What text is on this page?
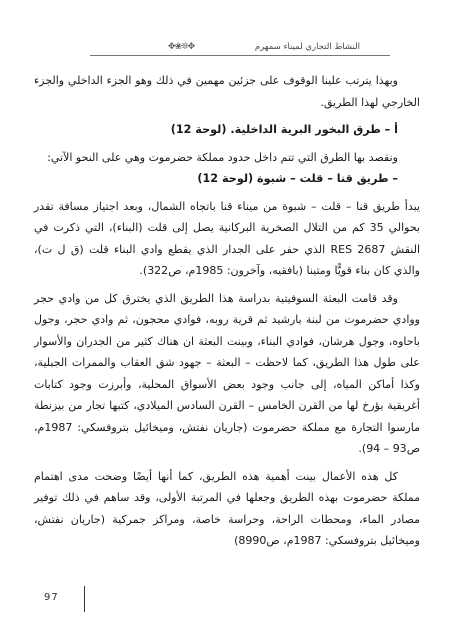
✥❊❀✥	النشاط التجاري لميناء سمهرم

وبهذا يترتب علينا الوقوف على جزئين مهمين في ذلك وهو الجزء الداخلي والجزء الخارجي لهذا الطريق.

أ – طرق البخور البرية الداخلية. (لوحة 12)

ونقصد بها الطرق التي تتم داخل حدود مملكة حضرموت وهي على النحو الآتي:

– طريق قنا – قلت – شبوة (لوحة 12)

يبدأ طريق قنا – قلت – شبوة من ميناء قنا باتجاه الشمال، وبعد اجتياز مسافة تقدر بحوالي 35 كم من التلال الصخرية البركانية يصل إلى قلت (البناء)، التي ذكرت في النقش RES 2687 الذي حفر على الجدار الذي يقطع وادي البناء قلت (ق ل ت)، والذي كان بناء قويًّا ومتينا (بافقيه، وآخرون: 1985م، ص322).

وقد قامت البعثة السوفيتية بدراسة هذا الطريق الذي يخترق كل من وادي حجر ووادي حضرموت من لبنة بارشيد ثم قرية روبه، فوادي محجون، ثم وادي حجر، وجول باحاوه، وجول هرشان، فوادي البناء، وبينت البعثة ان هناك كثير من الجدران والأسوار على طول هذا الطريق، كما لاحظت – البعثة – جهود شق العقاب والممرات الجبلية، وكذا أماكن المياه، إلى جانب وجود بعض الأسواق المحلية، وأبرزت وجود كتابات أغريقية يؤرخ لها من القرن الخامس – القرن السادس الميلادي، كتبها تجار من بيزنطة مارسوا التجارة مع مملكة حضرموت (جاريان نفتش، وميخائيل بتروفسكي: 1987م، ص93 – 94).

كل هذه الأعمال بينت أهمية هذه الطريق، كما أنها أيضًا وضحت مدى اهتمام مملكة حضرموت بهذه الطريق وجعلها في المرتبة الأولى، وقد ساهم في ذلك توفير مصادر الماء، ومحطات الراحة، وحراسة خاصة، ومراكز جمركية (جاريان نفتش، وميخائيل بتروفسكي: 1987م، ص8990)

97
